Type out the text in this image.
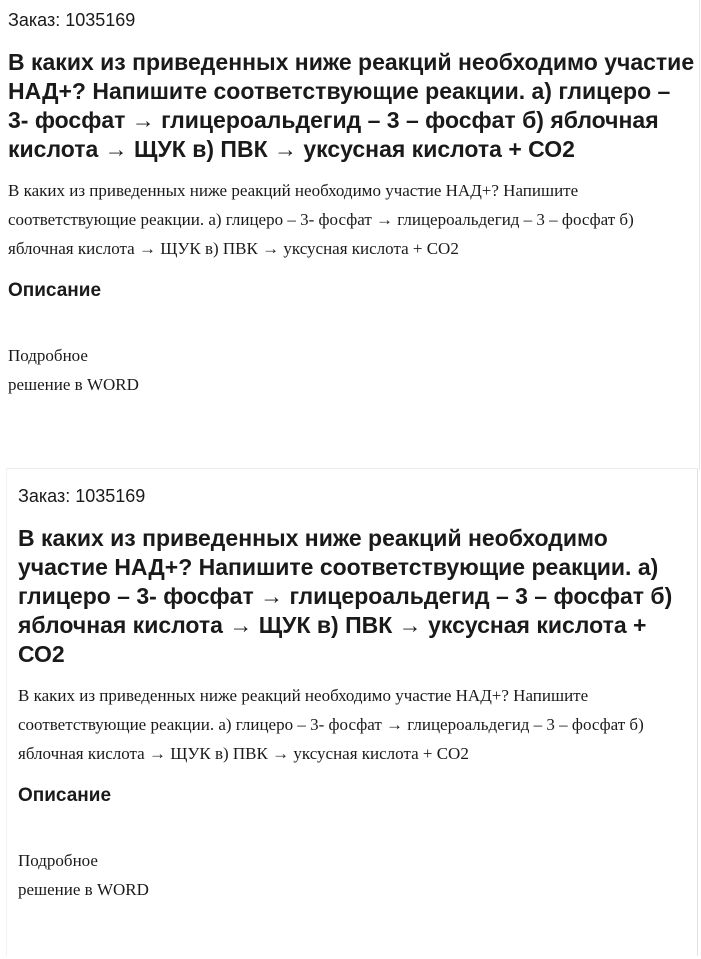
Заказ: 1035169
В каких из приведенных ниже реакций необходимо участие НАД+? Напишите соответствующие реакции. а) глицеро – 3- фосфат → глицероальдегид – 3 – фосфат б) яблочная кислота → ЩУК в) ПВК → уксусная кислота + СО2

В каких из приведенных ниже реакций необходимо участие НАД+? Напишите соответствующие реакции. а) глицеро – 3- фосфат → глицероальдегид – 3 – фосфат б) яблочная кислота → ЩУК в) ПВК → уксусная кислота + СО2

Описание
Подробное
решение в WORD
Заказ: 1035169
В каких из приведенных ниже реакций необходимо участие НАД+? Напишите соответствующие реакции. а) глицеро – 3- фосфат → глицероальдегид – 3 – фосфат б) яблочная кислота → ЩУК в) ПВК → уксусная кислота + СО2

В каких из приведенных ниже реакций необходимо участие НАД+? Напишите соответствующие реакции. а) глицеро – 3- фосфат → глицероальдегид – 3 – фосфат б) яблочная кислота → ЩУК в) ПВК → уксусная кислота + СО2

Описание
Подробное
решение в WORD
